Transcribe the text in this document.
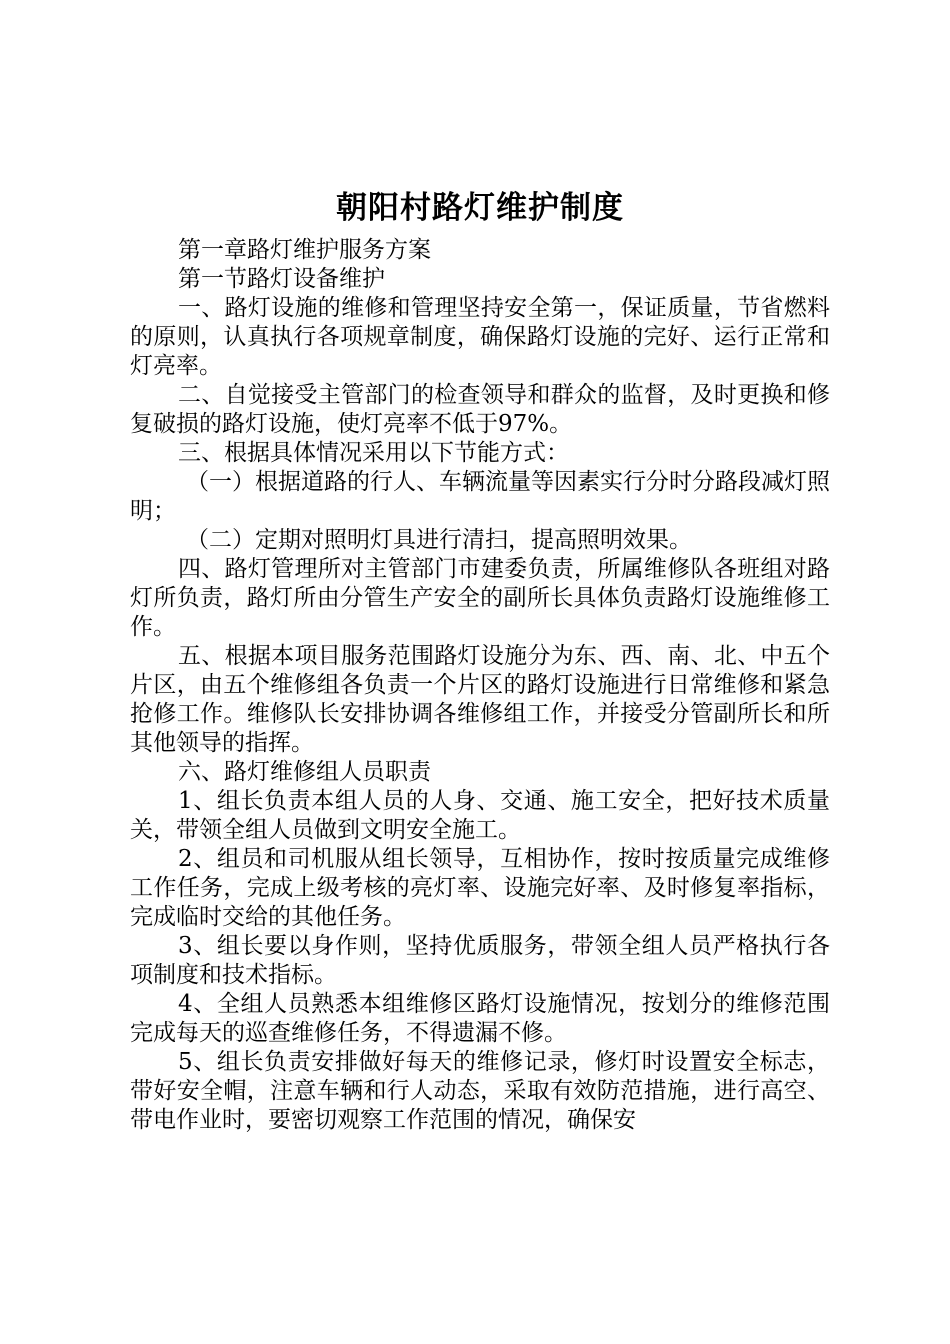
朝阳村路灯维护制度

第一章路灯维护服务方案

第一节路灯设备维护

一、路灯设施的维修和管理坚持安全第一，保证质量，节省燃料的原则，认真执行各项规章制度，确保路灯设施的完好、运行正常和灯亮率。

二、自觉接受主管部门的检查领导和群众的监督，及时更换和修复破损的路灯设施，使灯亮率不低于97%。

三、根据具体情况采用以下节能方式：

（一）根据道路的行人、车辆流量等因素实行分时分路段减灯照明；

（二）定期对照明灯具进行清扫，提高照明效果。

四、路灯管理所对主管部门市建委负责，所属维修队各班组对路灯所负责，路灯所由分管生产安全的副所长具体负责路灯设施维修工作。

五、根据本项目服务范围路灯设施分为东、西、南、北、中五个片区，由五个维修组各负责一个片区的路灯设施进行日常维修和紧急抢修工作。维修队长安排协调各维修组工作，并接受分管副所长和所其他领导的指挥。

六、路灯维修组人员职责

1、组长负责本组人员的人身、交通、施工安全，把好技术质量关，带领全组人员做到文明安全施工。

2、组员和司机服从组长领导，互相协作，按时按质量完成维修工作任务，完成上级考核的亮灯率、设施完好率、及时修复率指标，完成临时交给的其他任务。

3、组长要以身作则，坚持优质服务，带领全组人员严格执行各项制度和技术指标。

4、全组人员熟悉本组维修区路灯设施情况，按划分的维修范围完成每天的巡查维修任务，不得遗漏不修。

5、组长负责安排做好每天的维修记录，修灯时设置安全标志，带好安全帽，注意车辆和行人动态，采取有效防范措施，进行高空、带电作业时，要密切观察工作范围的情况，确保安
